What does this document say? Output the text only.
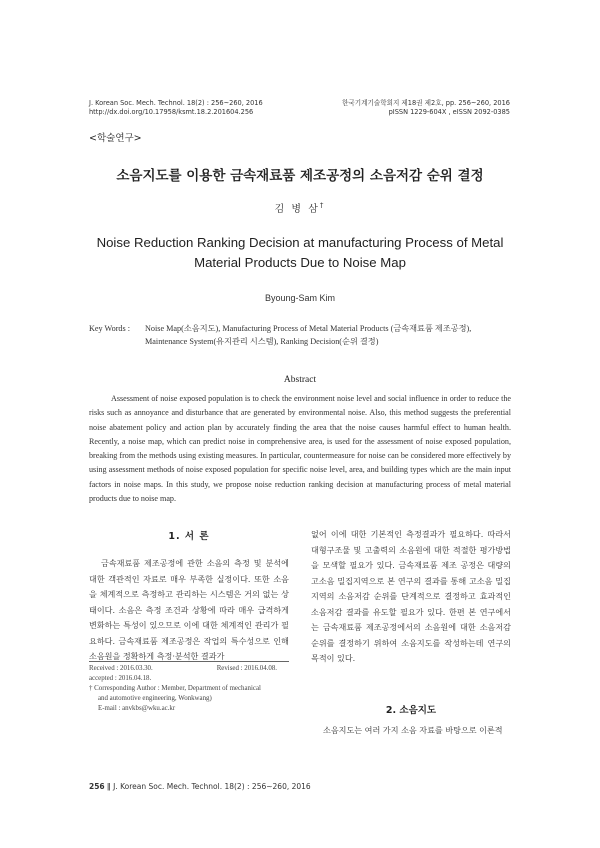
J. Korean Soc. Mech. Technol. 18(2) : 256~260, 2016
http://dx.doi.org/10.17958/ksmt.18.2.201604.256
한국기계기술학회지 제18권 제2호, pp. 256~260, 2016
pISSN 1229-604X , eISSN 2092-0385
<학술연구>
소음지도를 이용한 금속재료품 제조공정의 소음저감 순위 결정
김 병 삼†
Noise Reduction Ranking Decision at manufacturing Process of Metal
Material Products Due to Noise Map
Byoung-Sam Kim
Key Words : Noise Map(소음지도), Manufacturing Process of Metal Material Products (금속재료품 제조공정),
Maintenance System(유지관리 시스템), Ranking Decision(순위 결정)
Abstract
Assessment of noise exposed population is to check the environment noise level and social influence in order to reduce the risks such as annoyance and disturbance that are generated by environmental noise. Also, this method suggests the preferential noise abatement policy and action plan by accurately finding the area that the noise causes harmful effect to human health. Recently, a noise map, which can predict noise in comprehensive area, is used for the assessment of noise exposed population, breaking from the methods using existing measures. In particular, countermeasure for noise can be considered more effectively by using assessment methods of noise exposed population for specific noise level, area, and building types which are the main input factors in noise maps. In this study, we propose noise reduction ranking decision at manufacturing process of metal material products due to noise map.
1. 서 론
금속재료품 제조공정에 관한 소음의 측정 및 분석에 대한 객관적인 자료로 매우 부족한 실정이다. 또한 소음을 체계적으로 측정하고 관리하는 시스템은 거의 없는 상태이다. 소음은 측정 조건과 상황에 따라 매우 급격하게 변화하는 특성이 있으므로 이에 대한 체계적인 관리가 필요하다. 금속재료품 제조공정은 작업의 특수성으로 인해 소음원을 정확하게 측정·분석한 결과가
Received : 2016.03.30.	Revised : 2016.04.08.
accepted : 2016.04.18.
† Corresponding Author : Member, Department of mechanical
and automotive engineering, Wonkwang)
E-mail : anvkbs@wku.ac.kr
없어 이에 대한 기본적인 측정결과가 필요하다. 따라서 대형구조물 및 고출력의 소음원에 대한 적절한 평가방법을 모색할 필요가 있다. 금속재료품 제조 공정은 대량의 고소음 밀집지역으로 본 연구의 결과를 통해 고소음 밀집지역의 소음저감 순위를 단계적으로 결정하고 효과적인 소음저감 결과를 유도할 필요가 있다. 한편 본 연구에서는 금속재료품 제조공정에서의 소음원에 대한 소음저감 순위를 결정하기 위하여 소음지도를 작성하는데 연구의 목적이 있다.
2. 소음지도
소음지도는 여러 가지 소음 자료를 바탕으로 이론적
256 ǁ J. Korean Soc. Mech. Technol. 18(2) : 256~260, 2016
